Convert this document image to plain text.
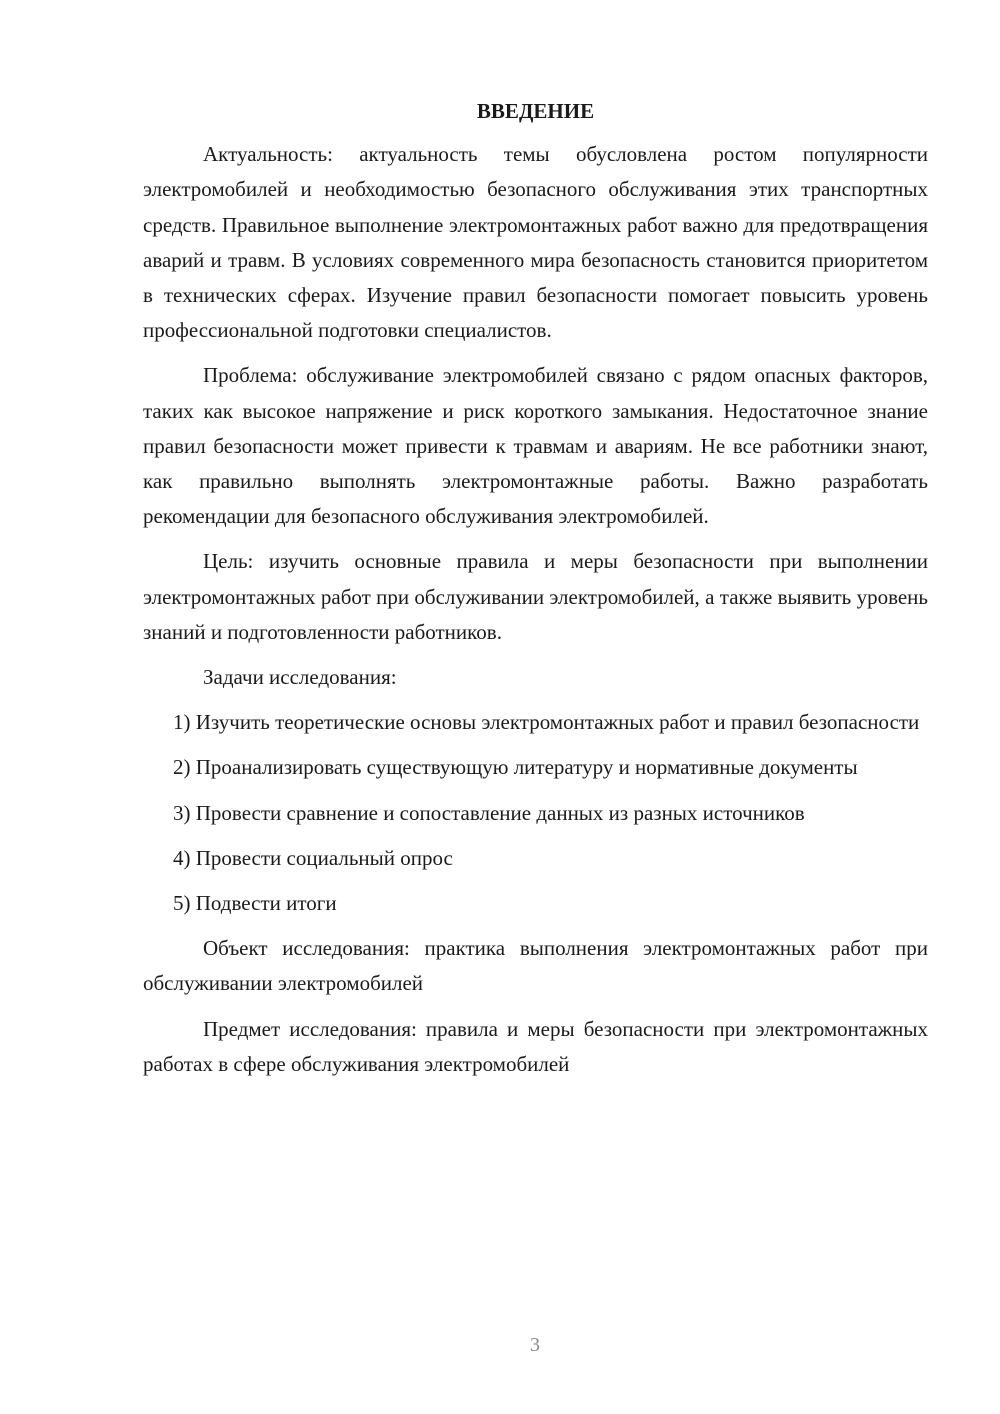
ВВЕДЕНИЕ

Актуальность: актуальность темы обусловлена ростом популярности электромобилей и необходимостью безопасного обслуживания этих транспортных средств. Правильное выполнение электромонтажных работ важно для предотвращения аварий и травм. В условиях современного мира безопасность становится приоритетом в технических сферах. Изучение правил безопасности помогает повысить уровень профессиональной подготовки специалистов.

Проблема: обслуживание электромобилей связано с рядом опасных факторов, таких как высокое напряжение и риск короткого замыкания. Недостаточное знание правил безопасности может привести к травмам и авариям. Не все работники знают, как правильно выполнять электромонтажные работы. Важно разработать рекомендации для безопасного обслуживания электромобилей.

Цель: изучить основные правила и меры безопасности при выполнении электромонтажных работ при обслуживании электромобилей, а также выявить уровень знаний и подготовленности работников.

Задачи исследования:

1) Изучить теоретические основы электромонтажных работ и правил безопасности

2) Проанализировать существующую литературу и нормативные документы

3) Провести сравнение и сопоставление данных из разных источников

4) Провести социальный опрос

5) Подвести итоги

Объект исследования: практика выполнения электромонтажных работ при обслуживании электромобилей

Предмет исследования: правила и меры безопасности при электромонтажных работах в сфере обслуживания электромобилей

3
